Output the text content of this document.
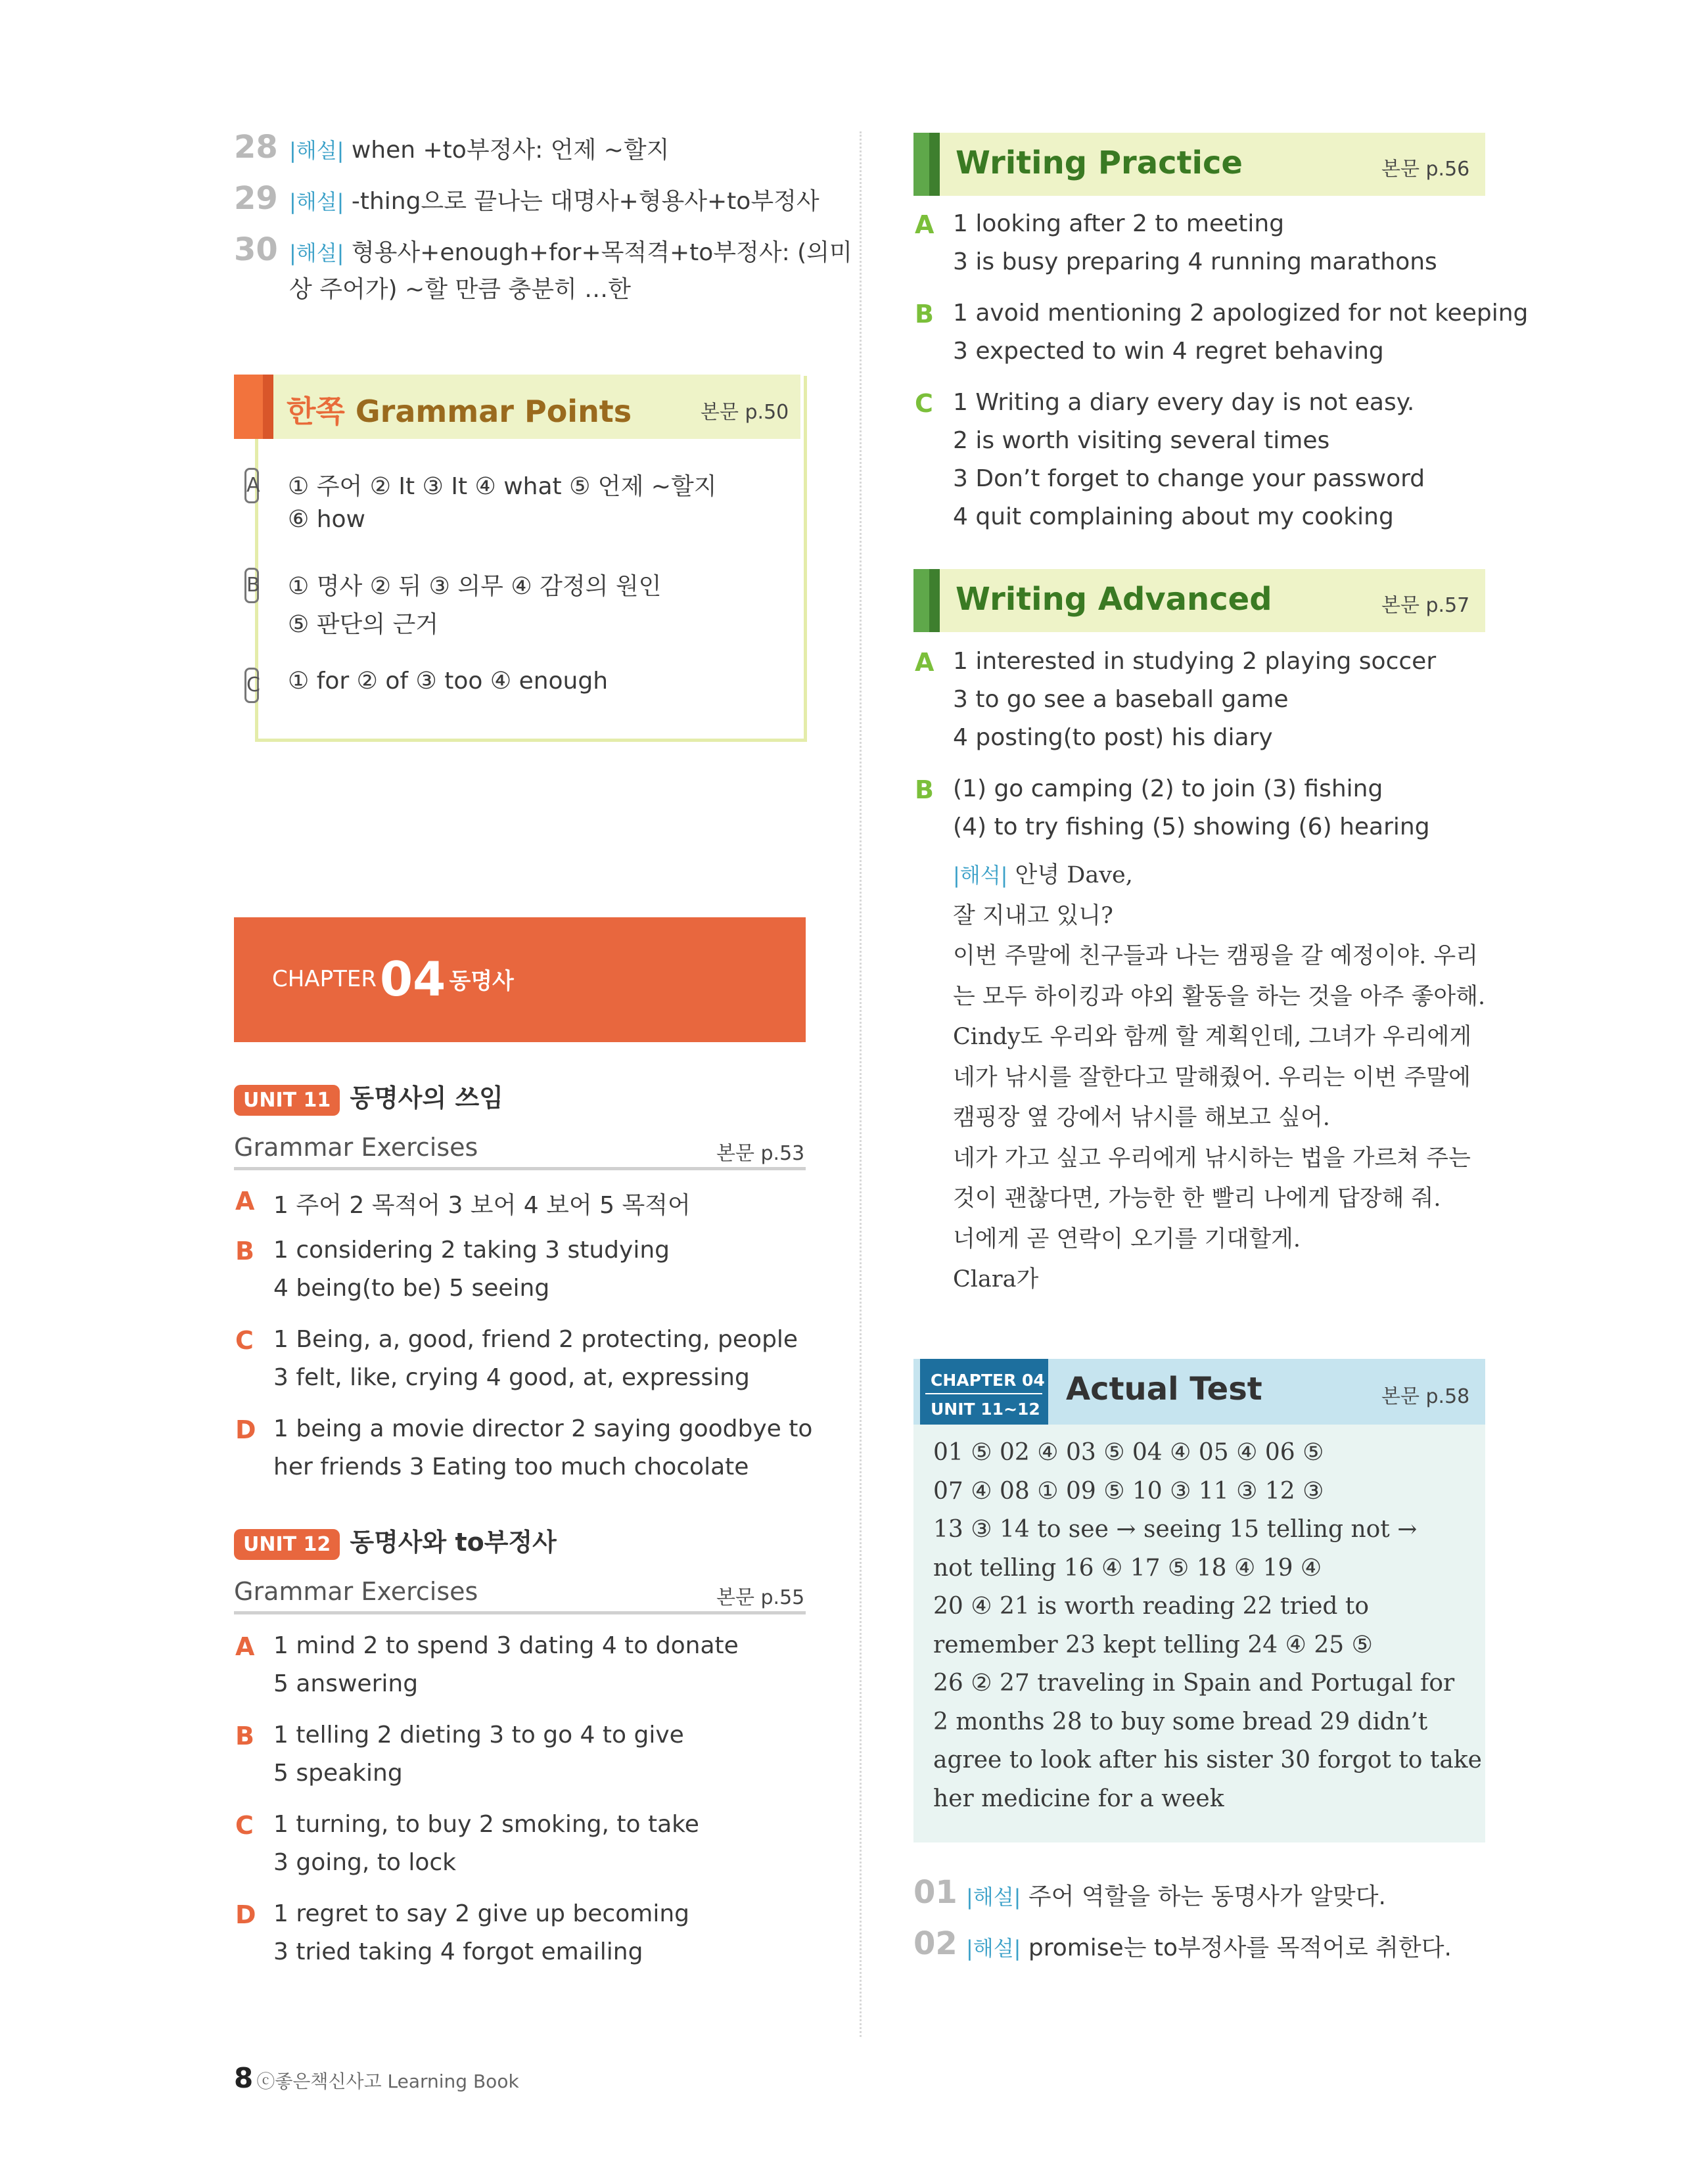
28 |해설| when +to부정사: 언제 ~할지
29 |해설| -thing으로 끝나는 대명사+형용사+to부정사
30 |해설| 형용사+enough+for+목적격+to부정사: (의미
상 주어가) ~할 만큼 충분히 …한
한쪽 Grammar Points	본문 p.50
A ① 주어 ② It ③ It ④ what ⑤ 언제 ~할지
⑥ how
B ① 명사 ② 뒤 ③ 의무 ④ 감정의 원인
⑤ 판단의 근거
C ① for ② of ③ too ④ enough
CHAPTER 04 동명사
UNIT 11 동명사의 쓰임
Grammar Exercises	본문 p.53
A 1 주어 2 목적어 3 보어 4 보어 5 목적어
B 1 considering 2 taking 3 studying
4 being(to be) 5 seeing
C 1 Being, a, good, friend 2 protecting, people
3 felt, like, crying 4 good, at, expressing
D 1 being a movie director 2 saying goodbye to
her friends 3 Eating too much chocolate
UNIT 12 동명사와 to부정사
Grammar Exercises	본문 p.55
A 1 mind 2 to spend 3 dating 4 to donate
5 answering
B 1 telling 2 dieting 3 to go 4 to give
5 speaking
C 1 turning, to buy 2 smoking, to take
3 going, to lock
D 1 regret to say 2 give up becoming
3 tried taking 4 forgot emailing
8 ⓒ좋은책신사고 Learning Book
Writing Practice	본문 p.56
A 1 looking after 2 to meeting
3 is busy preparing 4 running marathons
B 1 avoid mentioning 2 apologized for not keeping
3 expected to win 4 regret behaving
C 1 Writing a diary every day is not easy.
2 is worth visiting several times
3 Don’t forget to change your password
4 quit complaining about my cooking
Writing Advanced	본문 p.57
A 1 interested in studying 2 playing soccer
3 to go see a baseball game
4 posting(to post) his diary
B (1) go camping (2) to join (3) fishing
(4) to try fishing (5) showing (6) hearing
|해석| 안녕 Dave,
잘 지내고 있니?
이번 주말에 친구들과 나는 캠핑을 갈 예정이야. 우리
는 모두 하이킹과 야외 활동을 하는 것을 아주 좋아해.
Cindy도 우리와 함께 할 계획인데, 그녀가 우리에게
네가 낚시를 잘한다고 말해줬어. 우리는 이번 주말에
캠핑장 옆 강에서 낚시를 해보고 싶어.
네가 가고 싶고 우리에게 낚시하는 법을 가르쳐 주는
것이 괜찮다면, 가능한 한 빨리 나에게 답장해 줘.
너에게 곧 연락이 오기를 기대할게.
Clara가
CHAPTER 04
UNIT 11~12
Actual Test	본문 p.58
01 ⑤ 02 ④ 03 ⑤ 04 ④ 05 ④ 06 ⑤
07 ④ 08 ① 09 ⑤ 10 ③ 11 ③ 12 ③
13 ③ 14 to see → seeing 15 telling not →
not telling 16 ④ 17 ⑤ 18 ④ 19 ④
20 ④ 21 is worth reading 22 tried to
remember 23 kept telling 24 ④ 25 ⑤
26 ② 27 traveling in Spain and Portugal for
2 months 28 to buy some bread 29 didn’t
agree to look after his sister 30 forgot to take
her medicine for a week
01 |해설| 주어 역할을 하는 동명사가 알맞다.
02 |해설| promise는 to부정사를 목적어로 취한다.
